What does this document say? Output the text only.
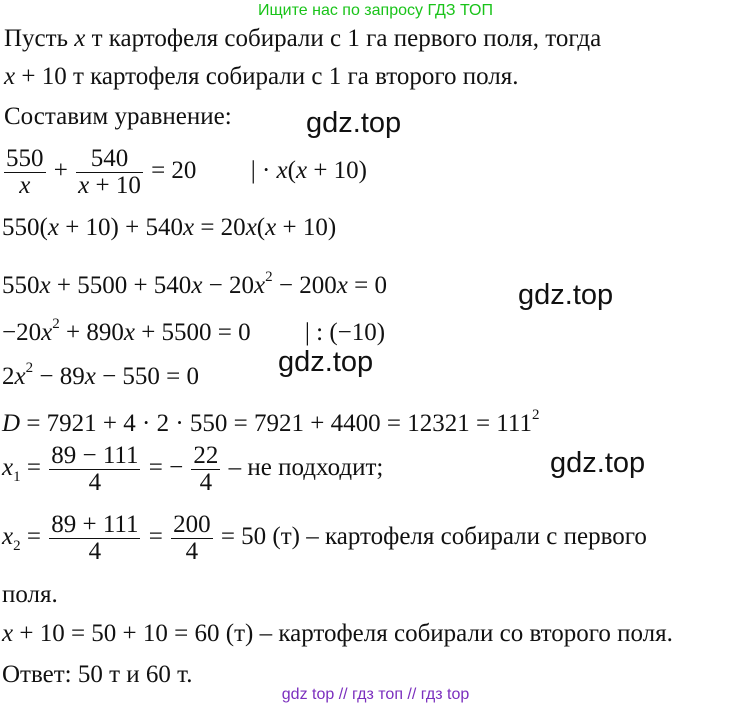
Ищите нас по запросу ГДЗ ТОП
Пусть x т картофеля собирали с 1 га первого поля, тогда
x + 10 т картофеля собирали с 1 га второго поля.
Составим уравнение:
$\frac{550}{x} + \frac{540}{x + 10} = 20$ | · x(x + 10)
550(x + 10) + 540x = 20x(x + 10)
$550x + 5500 + 540x - 20x^2 - 200x = 0$
$-20x^2 + 890x + 5500 = 0$ | : (−10)
$2x^2 - 89x - 550 = 0$
$D = 7921 + 4 \cdot 2 \cdot 550 = 7921 + 4400 = 12321 = 111^2$
$x_1 = \frac{89 - 111}{4}$ = − $\frac{22}{4}$ – не подходит;
$x_2 = \frac{89 + 111}{4} = \frac{200}{4} = 50$ (т) – картофеля собирали с первого
поля.
x + 10 = 50 + 10 = 60 (т) – картофеля собирали со второго поля.
Ответ: 50 т и 60 т.
gdz.top
gdz.top
gdz.top
gdz.top
gdz top // гдз топ // гдз top
